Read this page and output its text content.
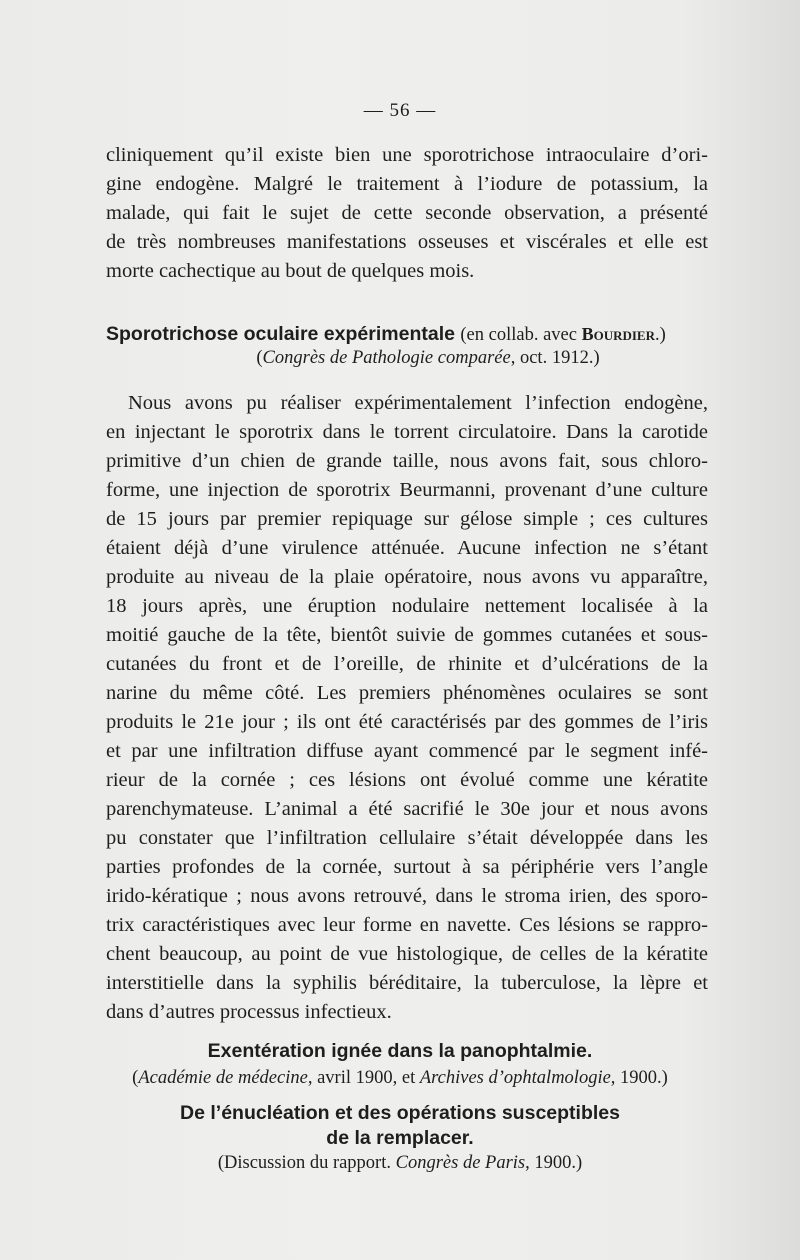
— 56 —
cliniquement qu’il existe bien une sporotrichose intraoculaire d’ori-
gine endogène. Malgré le traitement à l’iodure de potassium, la
malade, qui fait le sujet de cette seconde observation, a présenté
de très nombreuses manifestations osseuses et viscérales et elle est
morte cachectique au bout de quelques mois.
Sporotrichose oculaire expérimentale (en collab. avec Bourdier.)
(Congrès de Pathologie comparée, oct. 1912.)
Nous avons pu réaliser expérimentalement l’infection endogène,
en injectant le sporotrix dans le torrent circulatoire. Dans la carotide
primitive d’un chien de grande taille, nous avons fait, sous chloro-
forme, une injection de sporotrix Beurmanni, provenant d’une culture
de 15 jours par premier repiquage sur gélose simple ; ces cultures
étaient déjà d’une virulence atténuée. Aucune infection ne s’étant
produite au niveau de la plaie opératoire, nous avons vu apparaître,
18 jours après, une éruption nodulaire nettement localisée à la
moitié gauche de la tête, bientôt suivie de gommes cutanées et sous-
cutanées du front et de l’oreille, de rhinite et d’ulcérations de la
narine du même côté. Les premiers phénomènes oculaires se sont
produits le 21e jour ; ils ont été caractérisés par des gommes de l’iris
et par une infiltration diffuse ayant commencé par le segment infé-
rieur de la cornée ; ces lésions ont évolué comme une kératite
parenchymateuse. L’animal a été sacrifié le 30e jour et nous avons
pu constater que l’infiltration cellulaire s’était développée dans les
parties profondes de la cornée, surtout à sa périphérie vers l’angle
irido-kératique ; nous avons retrouvé, dans le stroma irien, des sporo-
trix caractéristiques avec leur forme en navette. Ces lésions se rappro-
chent beaucoup, au point de vue histologique, de celles de la kératite
interstitielle dans la syphilis béréditaire, la tuberculose, la lèpre et
dans d’autres processus infectieux.
Exentération ignée dans la panophtalmie.
(Académie de médecine, avril 1900, et Archives d’ophtalmologie, 1900.)
De l’énucléation et des opérations susceptibles
de la remplacer.
(Discussion du rapport. Congrès de Paris, 1900.)
